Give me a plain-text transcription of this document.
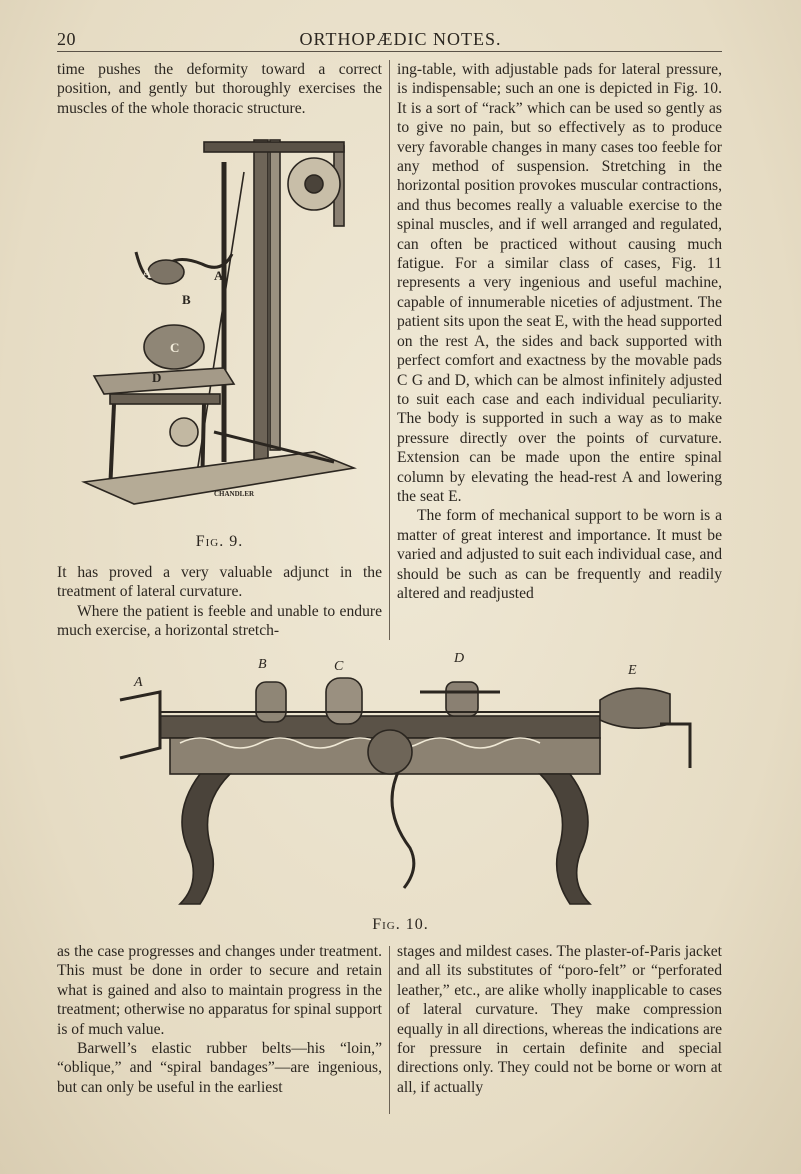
20	ORTHOPÆDIC NOTES.

time pushes the deformity toward a correct position, and gently but thoroughly exercises the muscles of the whole thoracic structure.

A	A
B
C
D
CHANDLER
Fig. 9.

It has proved a very valuable adjunct in the treatment of lateral curvature.

Where the patient is feeble and unable to endure much exercise, a horizontal stretch-

ing-table, with adjustable pads for lateral pressure, is indispensable; such an one is depicted in Fig. 10. It is a sort of “rack” which can be used so gently as to give no pain, but so effectively as to produce very favorable changes in many cases too feeble for any method of suspension. Stretching in the horizontal position provokes muscular contractions, and thus becomes really a valuable exercise to the spinal muscles, and if well arranged and regulated, can often be practiced without causing much fatigue. For a similar class of cases, Fig. 11 represents a very ingenious and useful machine, capable of innumerable niceties of adjustment. The patient sits upon the seat E, with the head supported on the rest A, the sides and back supported with perfect comfort and exactness by the movable pads C G and D, which can be almost infinitely adjusted to suit each case and each individual peculiarity. The body is supported in such a way as to make pressure directly over the points of curvature. Extension can be made upon the entire spinal column by elevating the head-rest A and lowering the seat E.

The form of mechanical support to be worn is a matter of great interest and importance. It must be varied and adjusted to suit each individual case, and should be such as can be frequently and readily altered and readjusted

A
B	C
D
E
Fig. 10.

as the case progresses and changes under treatment. This must be done in order to secure and retain what is gained and also to maintain progress in the treatment; otherwise no apparatus for spinal support is of much value.

Barwell’s elastic rubber belts—his “loin,” “oblique,” and “spiral bandages”—are ingenious, but can only be useful in the earliest

stages and mildest cases. The plaster-of-Paris jacket and all its substitutes of “poro-felt” or “perforated leather,” etc., are alike wholly inapplicable to cases of lateral curvature. They make compression equally in all directions, whereas the indications are for pressure in certain definite and special directions only. They could not be borne or worn at all, if actually
